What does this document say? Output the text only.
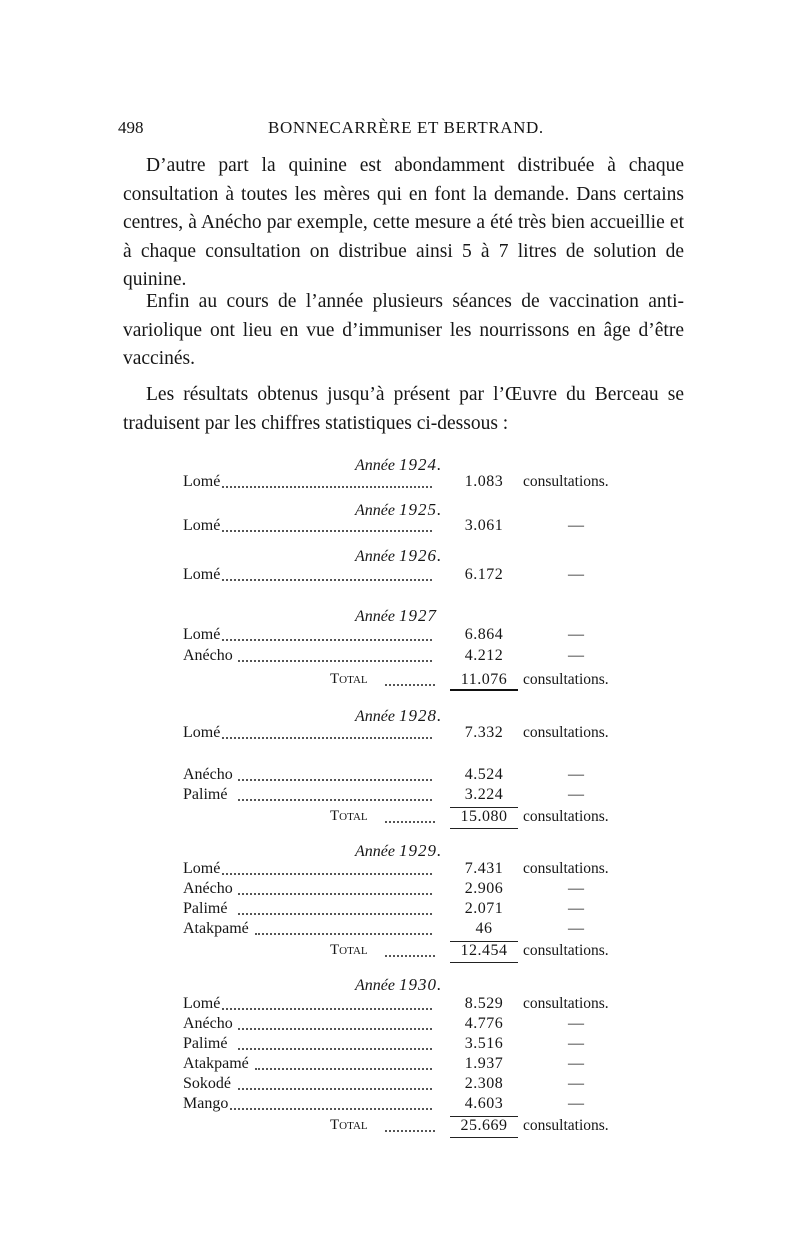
498	BONNECARRÈRE ET BERTRAND.
D’autre part la quinine est abondamment distribuée à chaque consultation à toutes les mères qui en font la demande. Dans certains centres, à Anécho par exemple, cette mesure a été très bien accueillie et à chaque consultation on distribue ainsi 5 à 7 litres de solution de quinine.
Enfin au cours de l’année plusieurs séances de vaccination anti-variolique ont lieu en vue d’immuniser les nourrissons en âge d’être vaccinés.
Les résultats obtenus jusqu’à présent par l’Œuvre du Berceau se traduisent par les chiffres statistiques ci-dessous :
Année 1924.
Lomé	1.083	consultations.
Année 1925.
Lomé	3.061	—
Année 1926.
Lomé	6.172	—
Année 1927
Lomé	6.864	—
Anécho	4.212	—
Total	11.076	consultations.
Année 1928.
Lomé	7.332	consultations.
Anécho	4.524	—
Palimé	3.224	—
Total	15.080	consultations.
Année 1929.
Lomé	7.431	consultations.
Anécho	2.906	—
Palimé	2.071	—
Atakpamé	46	—
Total	12.454	consultations.
Année 1930.
Lomé	8.529	consultations.
Anécho	4.776	—
Palimé	3.516	—
Atakpamé	1.937	—
Sokodé	2.308	—
Mango	4.603	—
Total	25.669	consultations.
